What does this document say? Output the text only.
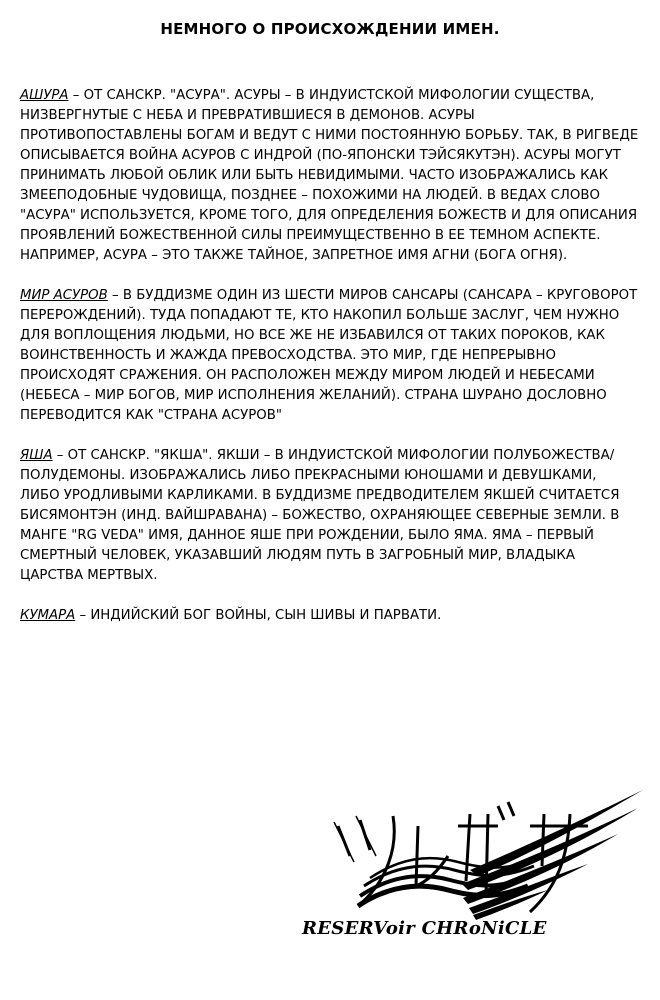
НЕМНОГО О ПРОИСХОЖДЕНИИ ИМЕН.

АШУРА – ОТ САНСКР. "АСУРА". АСУРЫ – В ИНДУИСТСКОЙ МИФОЛОГИИ СУЩЕСТВА, НИЗВЕРГНУТЫЕ С НЕБА И ПРЕВРАТИВШИЕСЯ В ДЕМОНОВ. АСУРЫ ПРОТИВОПОСТАВЛЕНЫ БОГАМ И ВЕДУТ С НИМИ ПОСТОЯННУЮ БОРЬБУ. ТАК, В РИГВЕДЕ ОПИСЫВАЕТСЯ ВОЙНА АСУРОВ С ИНДРОЙ (ПО-ЯПОНСКИ ТЭЙСЯКУТЭН). АСУРЫ МОГУТ ПРИНИМАТЬ ЛЮБОЙ ОБЛИК ИЛИ БЫТЬ НЕВИДИМЫМИ. ЧАСТО ИЗОБРАЖАЛИСЬ КАК ЗМЕЕПОДОБНЫЕ ЧУДОВИЩА, ПОЗДНЕЕ – ПОХОЖИМИ НА ЛЮДЕЙ. В ВЕДАХ СЛОВО "АСУРА" ИСПОЛЬЗУЕТСЯ, КРОМЕ ТОГО, ДЛЯ ОПРЕДЕЛЕНИЯ БОЖЕСТВ И ДЛЯ ОПИСАНИЯ ПРОЯВЛЕНИЙ БОЖЕСТВЕННОЙ СИЛЫ ПРЕИМУЩЕСТВЕННО В ЕЕ ТЕМНОМ АСПЕКТЕ. НАПРИМЕР, АСУРА – ЭТО ТАКЖЕ ТАЙНОЕ, ЗАПРЕТНОЕ ИМЯ АГНИ (БОГА ОГНЯ).

МИР АСУРОВ – В БУДДИЗМЕ ОДИН ИЗ ШЕСТИ МИРОВ САНСАРЫ (САНСАРА – КРУГОВОРОТ ПЕРЕРОЖДЕНИЙ). ТУДА ПОПАДАЮТ ТЕ, КТО НАКОПИЛ БОЛЬШЕ ЗАСЛУГ, ЧЕМ НУЖНО ДЛЯ ВОПЛОЩЕНИЯ ЛЮДЬМИ, НО ВСЕ ЖЕ НЕ ИЗБАВИЛСЯ ОТ ТАКИХ ПОРОКОВ, КАК ВОИНСТВЕННОСТЬ И ЖАЖДА ПРЕВОСХОДСТВА. ЭТО МИР, ГДЕ НЕПРЕРЫВНО ПРОИСХОДЯТ СРАЖЕНИЯ. ОН РАСПОЛОЖЕН МЕЖДУ МИРОМ ЛЮДЕЙ И НЕБЕСАМИ (НЕБЕСА – МИР БОГОВ, МИР ИСПОЛНЕНИЯ ЖЕЛАНИЙ). СТРАНА ШУРАНО ДОСЛОВНО ПЕРЕВОДИТСЯ КАК "СТРАНА АСУРОВ"

ЯША – ОТ САНСКР. "ЯКША". ЯКШИ – В ИНДУИСТСКОЙ МИФОЛОГИИ ПОЛУБОЖЕСТВА/ПОЛУДЕМОНЫ. ИЗОБРАЖАЛИСЬ ЛИБО ПРЕКРАСНЫМИ ЮНОШАМИ И ДЕВУШКАМИ, ЛИБО УРОДЛИВЫМИ КАРЛИКАМИ. В БУДДИЗМЕ ПРЕДВОДИТЕЛЕМ ЯКШЕЙ СЧИТАЕТСЯ БИСЯМОНТЭН (ИНД. ВАЙШРАВАНА) – БОЖЕСТВО, ОХРАНЯЮЩЕЕ СЕВЕРНЫЕ ЗЕМЛИ. В МАНГЕ "RG VEDA" ИМЯ, ДАННОЕ ЯШЕ ПРИ РОЖДЕНИИ, БЫЛО ЯМА. ЯМА – ПЕРВЫЙ СМЕРТНЫЙ ЧЕЛОВЕК, УКАЗАВШИЙ ЛЮДЯМ ПУТЬ В ЗАГРОБНЫЙ МИР, ВЛАДЫКА ЦАРСТВА МЕРТВЫХ.

КУМАРА – ИНДИЙСКИЙ БОГ ВОЙНЫ, СЫН ШИВЫ И ПАРВАТИ.

RESERVoir CHRoNiCLE
